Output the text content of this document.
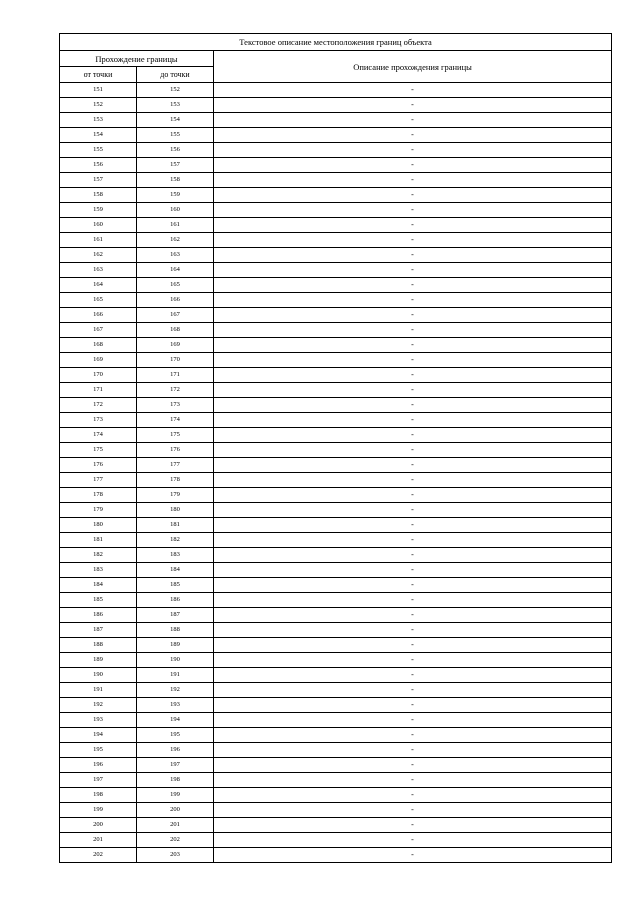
Текстовое описание местоположения границ объекта		
Прохождение границы		Описание прохождения границы
от точки	до точки	
151	152	-
152	153	-
153	154	-
154	155	-
155	156	-
156	157	-
157	158	-
158	159	-
159	160	-
160	161	-
161	162	-
162	163	-
163	164	-
164	165	-
165	166	-
166	167	-
167	168	-
168	169	-
169	170	-
170	171	-
171	172	-
172	173	-
173	174	-
174	175	-
175	176	-
176	177	-
177	178	-
178	179	-
179	180	-
180	181	-
181	182	-
182	183	-
183	184	-
184	185	-
185	186	-
186	187	-
187	188	-
188	189	-
189	190	-
190	191	-
191	192	-
192	193	-
193	194	-
194	195	-
195	196	-
196	197	-
197	198	-
198	199	-
199	200	-
200	201	-
201	202	-
202	203	-
